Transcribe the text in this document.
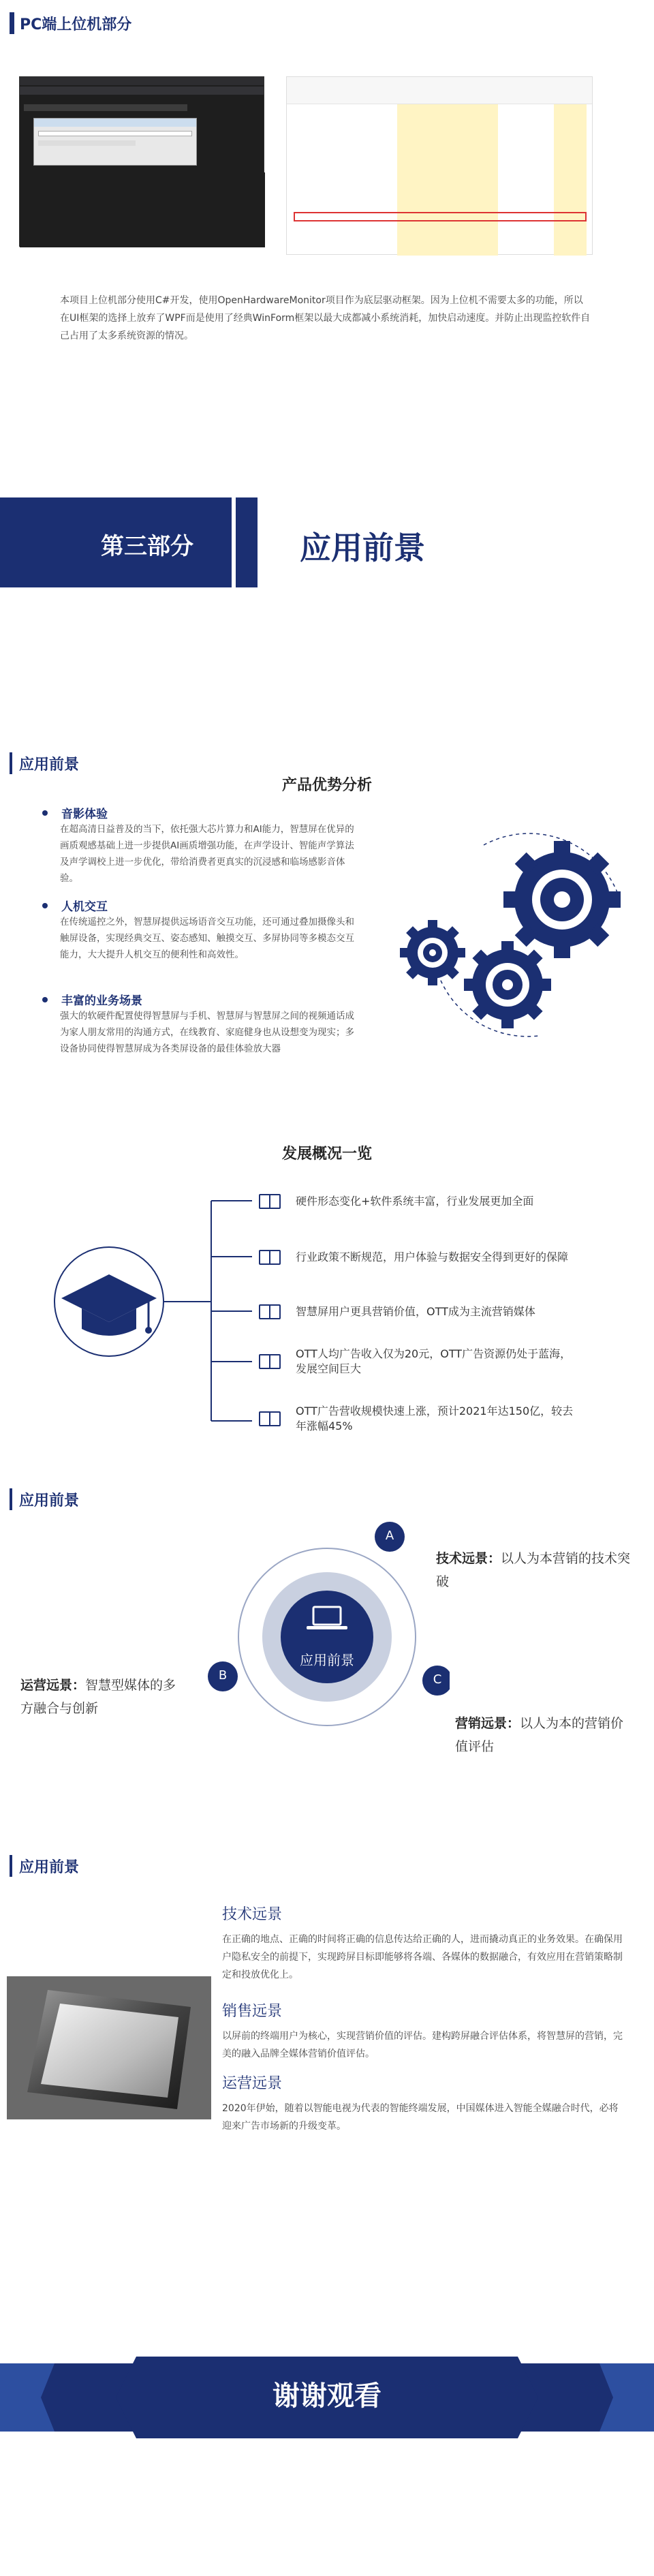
PC端上位机部分
本项目上位机部分使用C#开发，使用OpenHardwareMonitor项目作为底层驱动框架。因为上位机不需要太多的功能，所以在UI框架的选择上放弃了WPF而是使用了经典WinForm框架以最大成都减小系统消耗，加快启动速度。并防止出现监控软件自己占用了太多系统资源的情况。
第三部分	应用前景
应用前景
产品优势分析
音影体验
在超高清日益普及的当下，依托强大芯片算力和AI能力，智慧屏在优异的画质观感基础上进一步提供AI画质增强功能，在声学设计、智能声学算法及声学调校上进一步优化，带给消费者更真实的沉浸感和临场感影音体验。
人机交互
在传统遥控之外，智慧屏提供远场语音交互功能，还可通过叠加摄像头和触屏设备，实现经典交互、姿态感知、触摸交互、多屏协同等多模态交互能力，大大提升人机交互的便利性和高效性。
丰富的业务场景
强大的软硬件配置使得智慧屏与手机、智慧屏与智慧屏之间的视频通话成为家人朋友常用的沟通方式，在线教育、家庭健身也从设想变为现实；多设备协同使得智慧屏成为各类屏设备的最佳体验放大器
发展概况一览
硬件形态变化+软件系统丰富，行业发展更加全面
行业政策不断规范，用户体验与数据安全得到更好的保障
智慧屏用户更具营销价值，OTT成为主流营销媒体
OTT人均广告收入仅为20元，OTT广告资源仍处于蓝海，发展空间巨大
OTT广告营收规模快速上涨，预计2021年达150亿，较去年涨幅45%
应用前景
应用前景
A
B	C
技术远景：以人为本营销的技术突破
运营远景：智慧型媒体的多方融合与创新
营销远景：以人为本的营销价值评估
应用前景
技术远景
在正确的地点、正确的时间将正确的信息传达给正确的人，进而撬动真正的业务效果。在确保用户隐私安全的前提下，实现跨屏目标即能够将各端、各媒体的数据融合，有效应用在营销策略制定和投放优化上。
销售远景
以屏前的终端用户为核心，实现营销价值的评估。建构跨屏融合评估体系，将智慧屏的营销，完美的融入品牌全媒体营销价值评估。
运营远景
2020年伊始，随着以智能电视为代表的智能终端发展，中国媒体进入智能全媒融合时代，必将迎来广告市场新的升级变革。
谢谢观看
